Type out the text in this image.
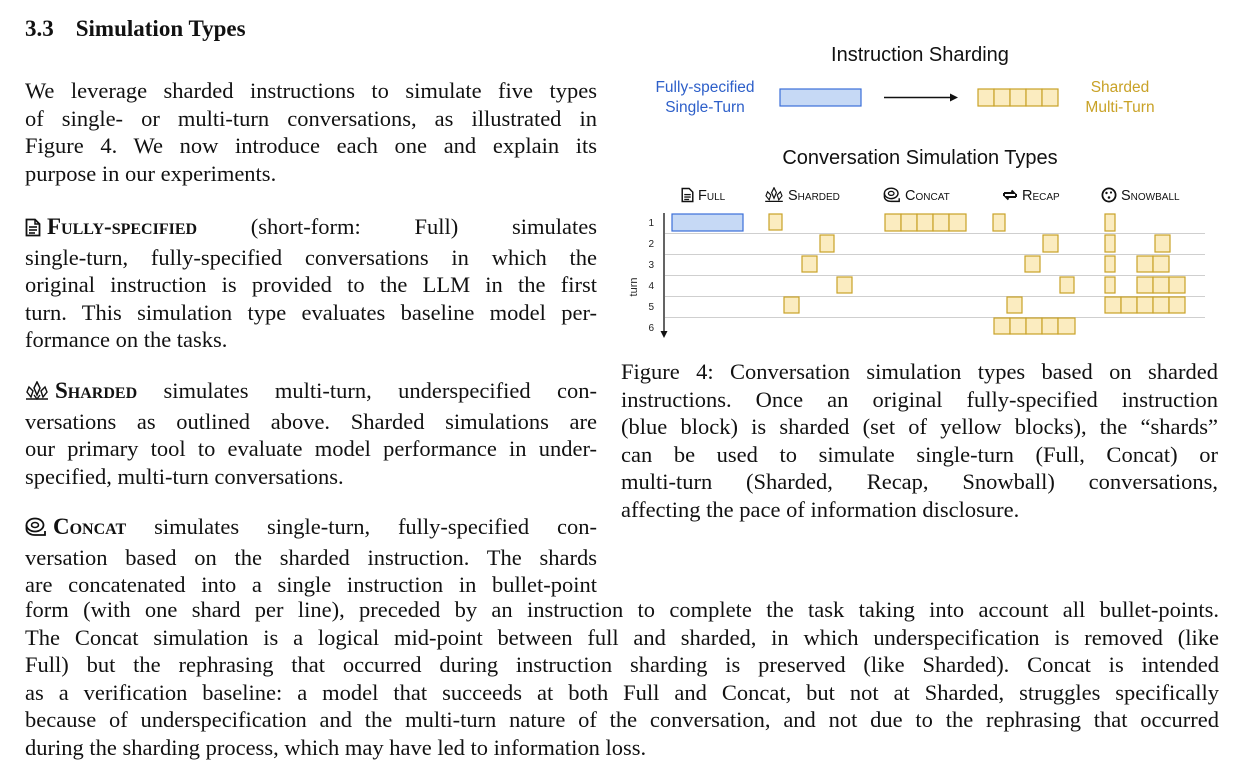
3.3 Simulation Types
We leverage sharded instructions to simulate five types
of single- or multi-turn conversations, as illustrated in
Figure 4. We now introduce each one and explain its
purpose in our experiments.
Fully-specified (short-form: Full) simulates
single-turn, fully-specified conversations in which the
original instruction is provided to the LLM in the first
turn. This simulation type evaluates baseline model per-
formance on the tasks.
Sharded simulates multi-turn, underspecified con-
versations as outlined above. Sharded simulations are
our primary tool to evaluate model performance in under-
specified, multi-turn conversations.
Concat simulates single-turn, fully-specified con-
versation based on the sharded instruction. The shards
are concatenated into a single instruction in bullet-point
form (with one shard per line), preceded by an instruction to complete the task taking into account all bullet-points.
The Concat simulation is a logical mid-point between full and sharded, in which underspecification is removed (like
Full) but the rephrasing that occurred during instruction sharding is preserved (like Sharded). Concat is intended
as a verification baseline: a model that succeeds at both Full and Concat, but not at Sharded, struggles specifically
because of underspecification and the multi-turn nature of the conversation, and not due to the rephrasing that occurred
during the sharding process, which may have led to information loss.
Instruction Sharding
Fully-specified
Single-Turn
Sharded
Multi-Turn
Conversation Simulation Types
Full	Sharded	Concat	Recap	Snowball
turn
1
2
3
4
5
6
Figure 4: Conversation simulation types based on sharded
instructions. Once an original fully-specified instruction
(blue block) is sharded (set of yellow blocks), the “shards”
can be used to simulate single-turn (Full, Concat) or
multi-turn (Sharded, Recap, Snowball) conversations,
affecting the pace of information disclosure.
